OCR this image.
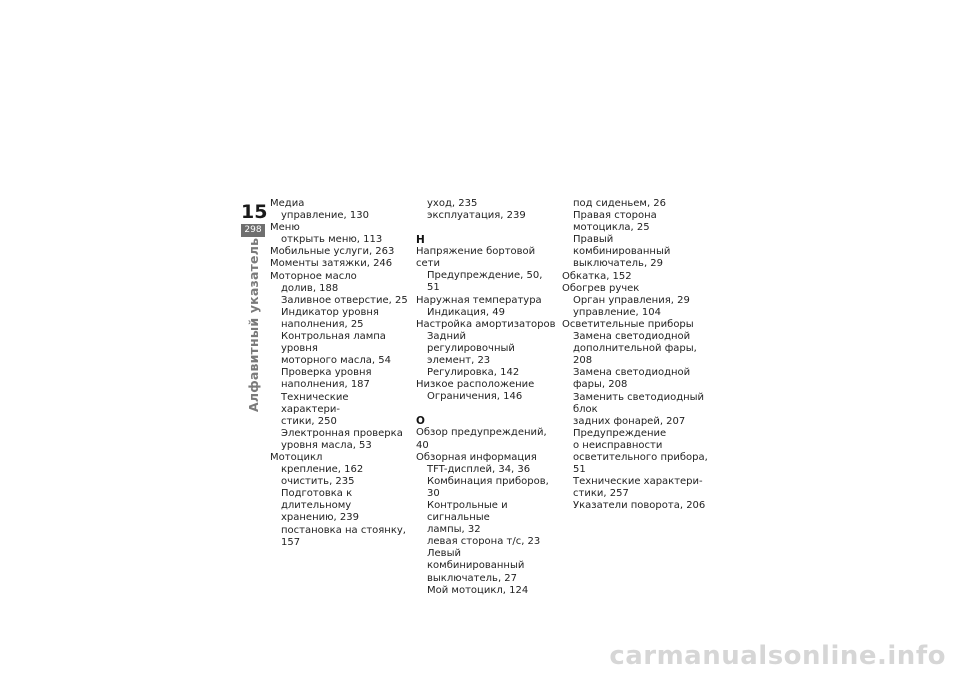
15
298
Алфавитный указатель
Медиа
управление, 130
Меню
открыть меню, 113
Мобильные услуги, 263
Моменты затяжки, 246
Моторное масло
долив, 188
Заливное отверстие, 25
Индикатор уровня
наполнения, 25
Контрольная лампа уровня
моторного масла, 54
Проверка уровня
наполнения, 187
Технические характери-
стики, 250
Электронная проверка
уровня масла, 53
Мотоцикл
крепление, 162
очистить, 235
Подготовка к длительному
хранению, 239
постановка на стоянку, 157
уход, 235
эксплуатация, 239
Н
Напряжение бортовой сети
Предупреждение, 50, 51
Наружная температура
Индикация, 49
Настройка амортизаторов
Задний регулировочный
элемент, 23
Регулировка, 142
Низкое расположение
Ограничения, 146
О
Обзор предупреждений, 40
Обзорная информация
TFT-дисплей, 34, 36
Комбинация приборов, 30
Контрольные и сигнальные
лампы, 32
левая сторона т/с, 23
Левый комбинированный
выключатель, 27
Мой мотоцикл, 124
под сиденьем, 26
Правая сторона
мотоцикла, 25
Правый комбинированный
выключатель, 29
Обкатка, 152
Обогрев ручек
Орган управления, 29
управление, 104
Осветительные приборы
Замена светодиодной
дополнительной фары, 208
Замена светодиодной
фары, 208
Заменить светодиодный блок
задних фонарей, 207
Предупреждение
о неисправности
осветительного прибора, 51
Технические характери-
стики, 257
Указатели поворота, 206
carmanualsonline.info
